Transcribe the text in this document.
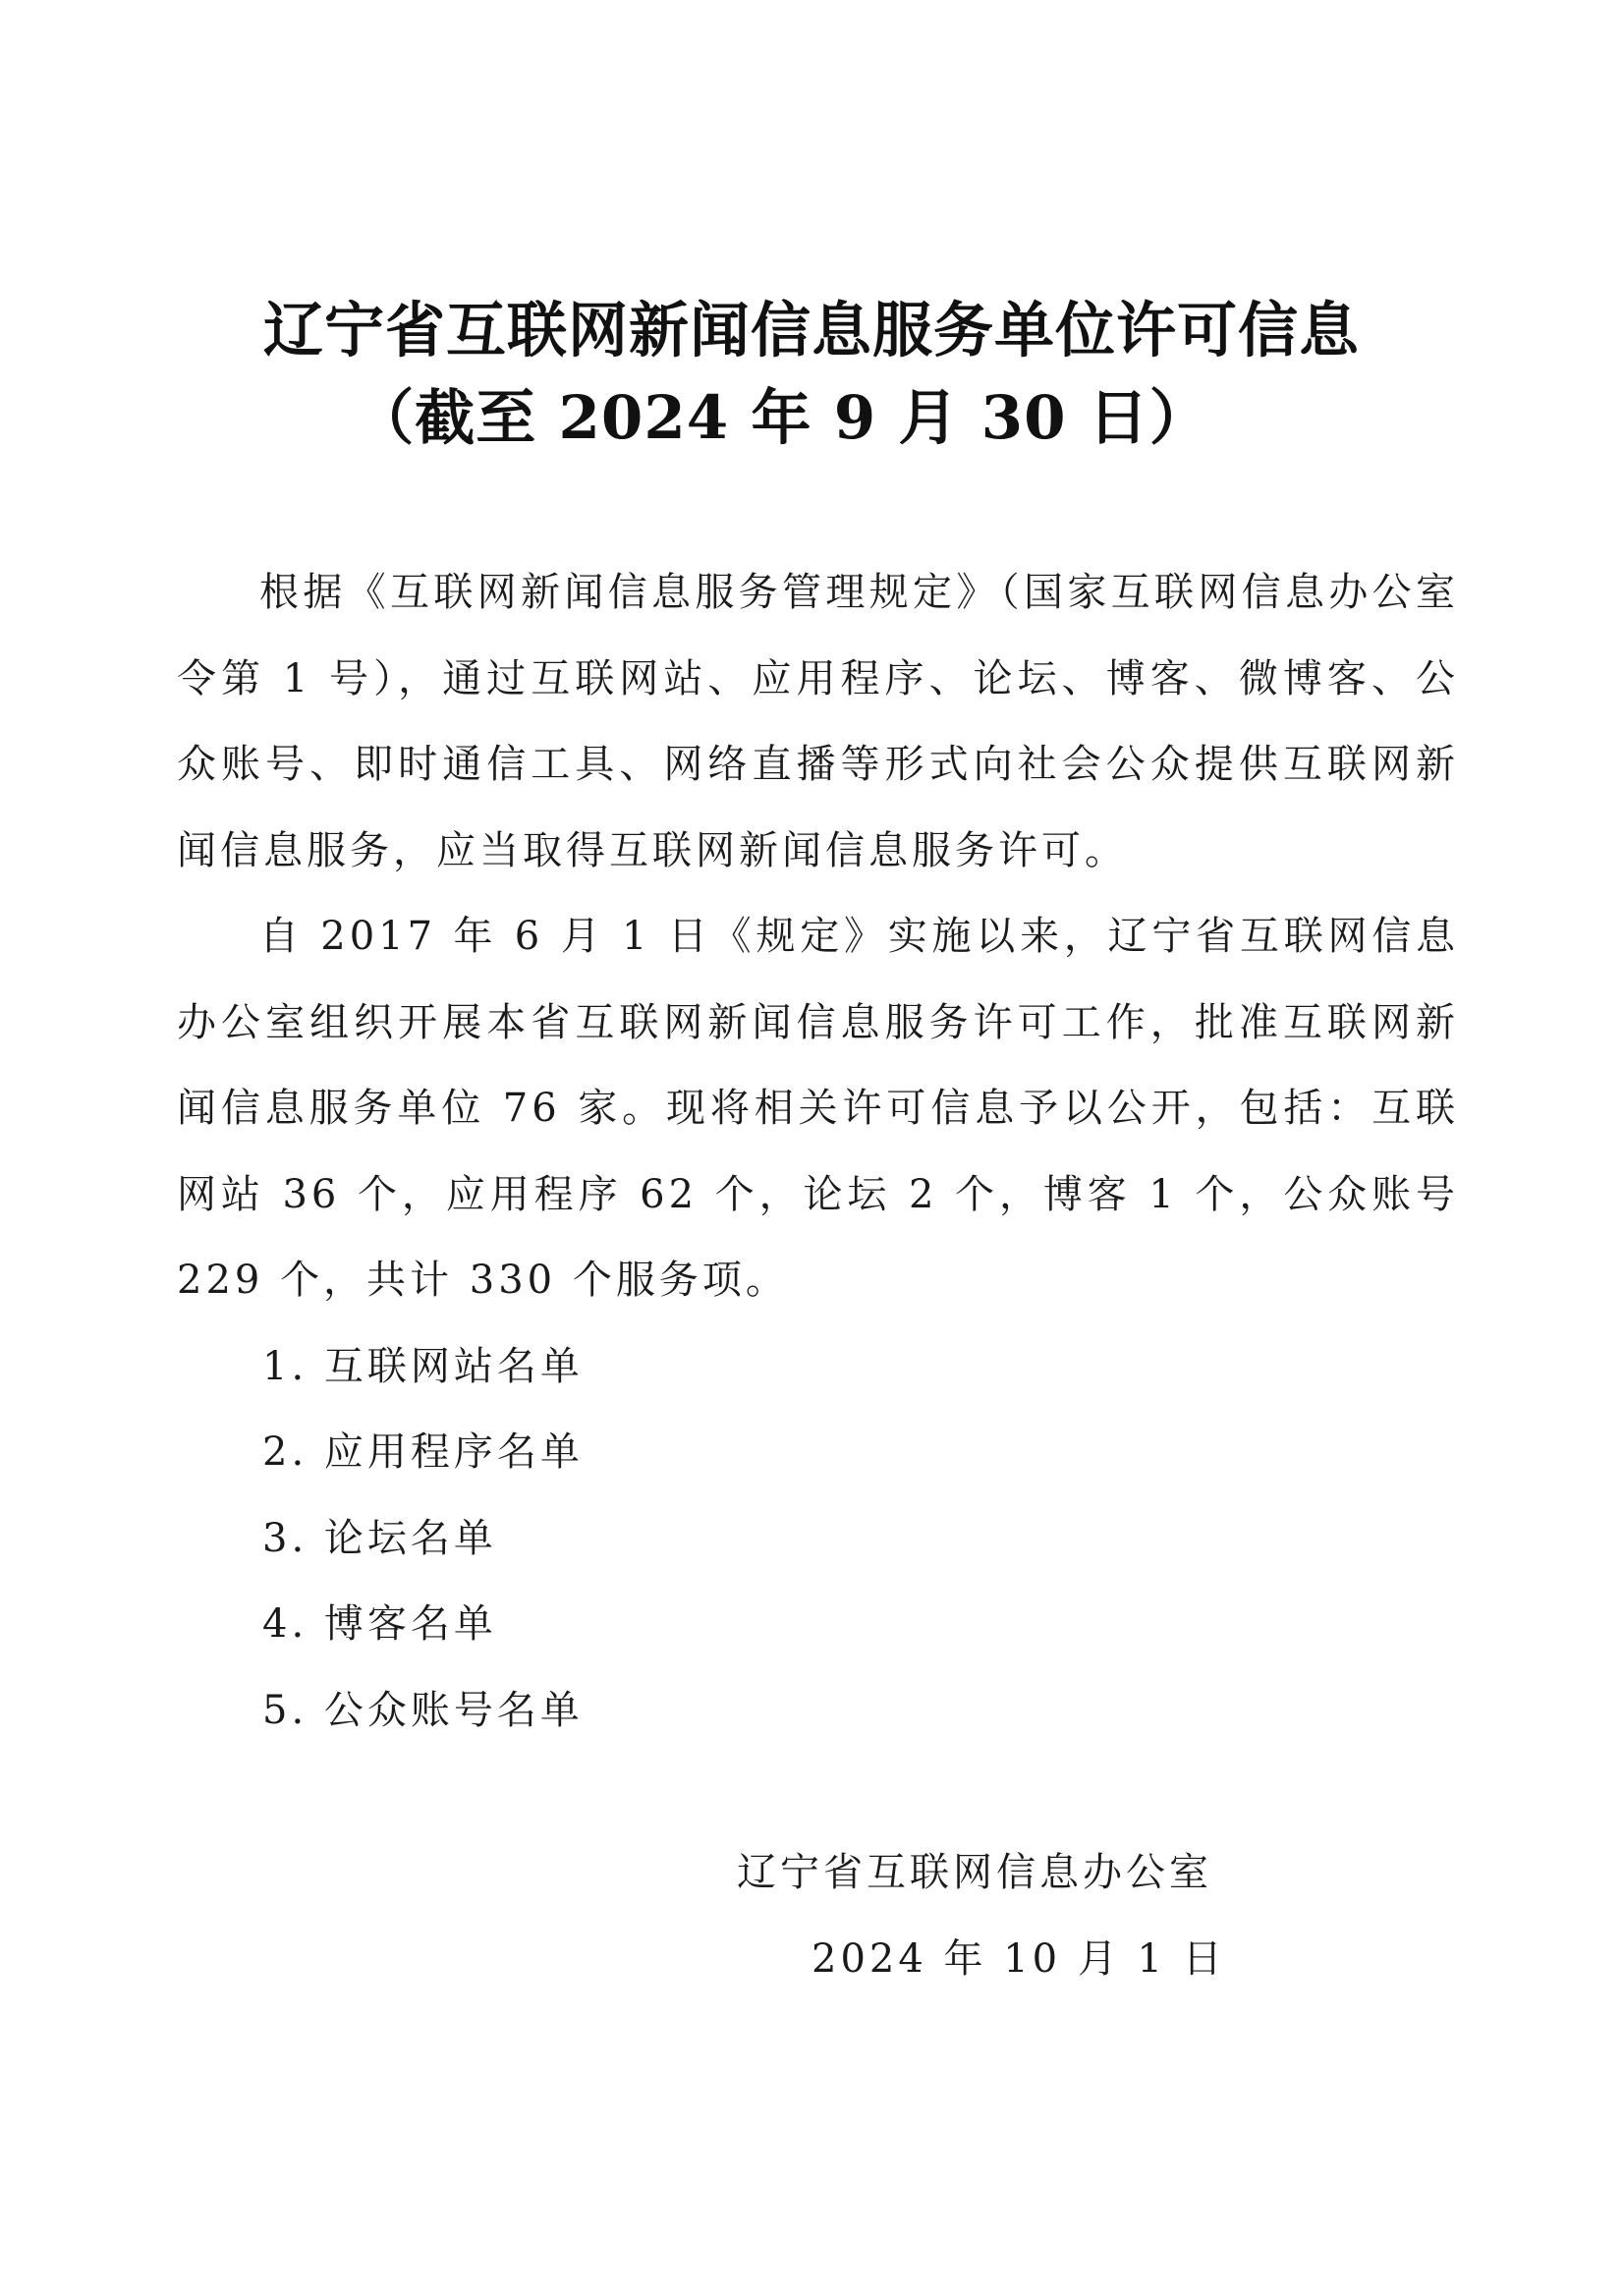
辽宁省互联网新闻信息服务单位许可信息
（截至 2024 年 9 月 30 日）

根据《互联网新闻信息服务管理规定》（国家互联网信息办公室令第 1 号），通过互联网站、应用程序、论坛、博客、微博客、公众账号、即时通信工具、网络直播等形式向社会公众提供互联网新闻信息服务，应当取得互联网新闻信息服务许可。

自 2017 年 6 月 1 日《规定》实施以来，辽宁省互联网信息办公室组织开展本省互联网新闻信息服务许可工作，批准互联网新闻信息服务单位 76 家。现将相关许可信息予以公开，包括：互联网站 36 个，应用程序 62 个，论坛 2 个，博客 1 个，公众账号 229 个，共计 330 个服务项。

1. 互联网站名单
2. 应用程序名单
3. 论坛名单
4. 博客名单
5. 公众账号名单
辽宁省互联网信息办公室
2024 年 10 月 1 日
